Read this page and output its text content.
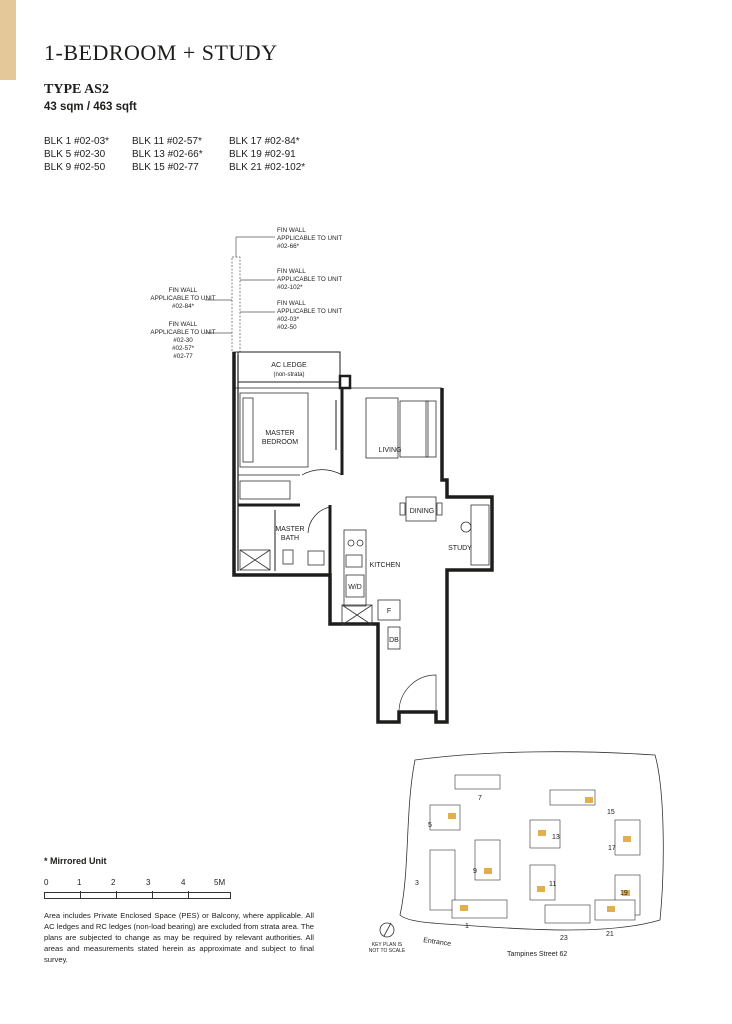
1-BEDROOM + STUDY
TYPE AS2
43 sqm / 463 sqft
BLK 1 #02-03*	BLK 11 #02-57*	BLK 17 #02-84*
BLK 5 #02-30	BLK 13 #02-66*	BLK 19 #02-91
BLK 9 #02-50	BLK 15 #02-77	BLK 21 #02-102*
FIN WALL
APPLICABLE TO UNIT
#02-66*
FIN WALL
APPLICABLE TO UNIT
#02-102*
FIN WALL
APPLICABLE TO UNIT
#02-03*
#02-50
FIN WALL
APPLICABLE TO UNIT
#02-84*
FIN WALL
APPLICABLE TO UNIT
#02-30
#02-57*
#02-77
AC LEDGE
(non-strata)
MASTER
BEDROOM
LIVING
DINING
STUDY
MASTER
BATH
KITCHEN
W/D
F
DB
* Mirrored Unit
0	1	2	3	4	5M
Area includes Private Enclosed Space (PES) or Balcony, where applicable. All AC ledges and RC ledges (non-load bearing) are excluded from strata area. The plans are subjected to change as may be required by relevant authorities. All areas and measurements stated herein as approximate and subject to final survey.
7
5
15
13
17
9
11
3
19
1
23
21
KEY PLAN IS
NOT TO SCALE
Entrance
Tampines Street 62
